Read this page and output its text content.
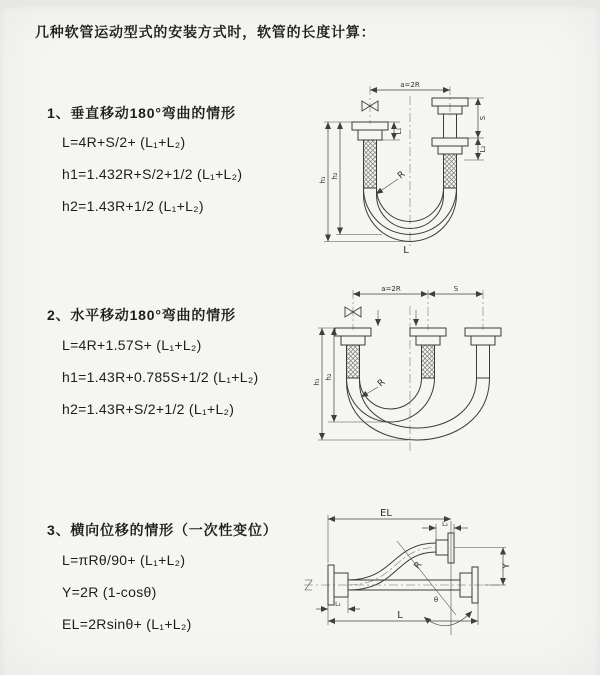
几种软管运动型式的安装方式时，软管的长度计算：
1、垂直移动180°弯曲的情形
L=4R+S/2+ (L₁+L₂)
h1=1.432R+S/2+1/2 (L₁+L₂)
h2=1.43R+1/2 (L₁+L₂)
2、水平移动180°弯曲的情形
L=4R+1.57S+ (L₁+L₂)
h1=1.43R+0.785S+1/2 (L₁+L₂)
h2=1.43R+S/2+1/2 (L₁+L₂)
3、横向位移的情形（一次性变位）
L=πRθ/90+ (L₁+L₂)
Y=2R (1-cosθ)
EL=2Rsinθ+ (L₁+L₂)
a=2R
S
L₂
L₁
h₁
h₂	R
L
a=2R	S
h₁
h₂
R
EL
L₂
Y
R
θ
L₁
L
